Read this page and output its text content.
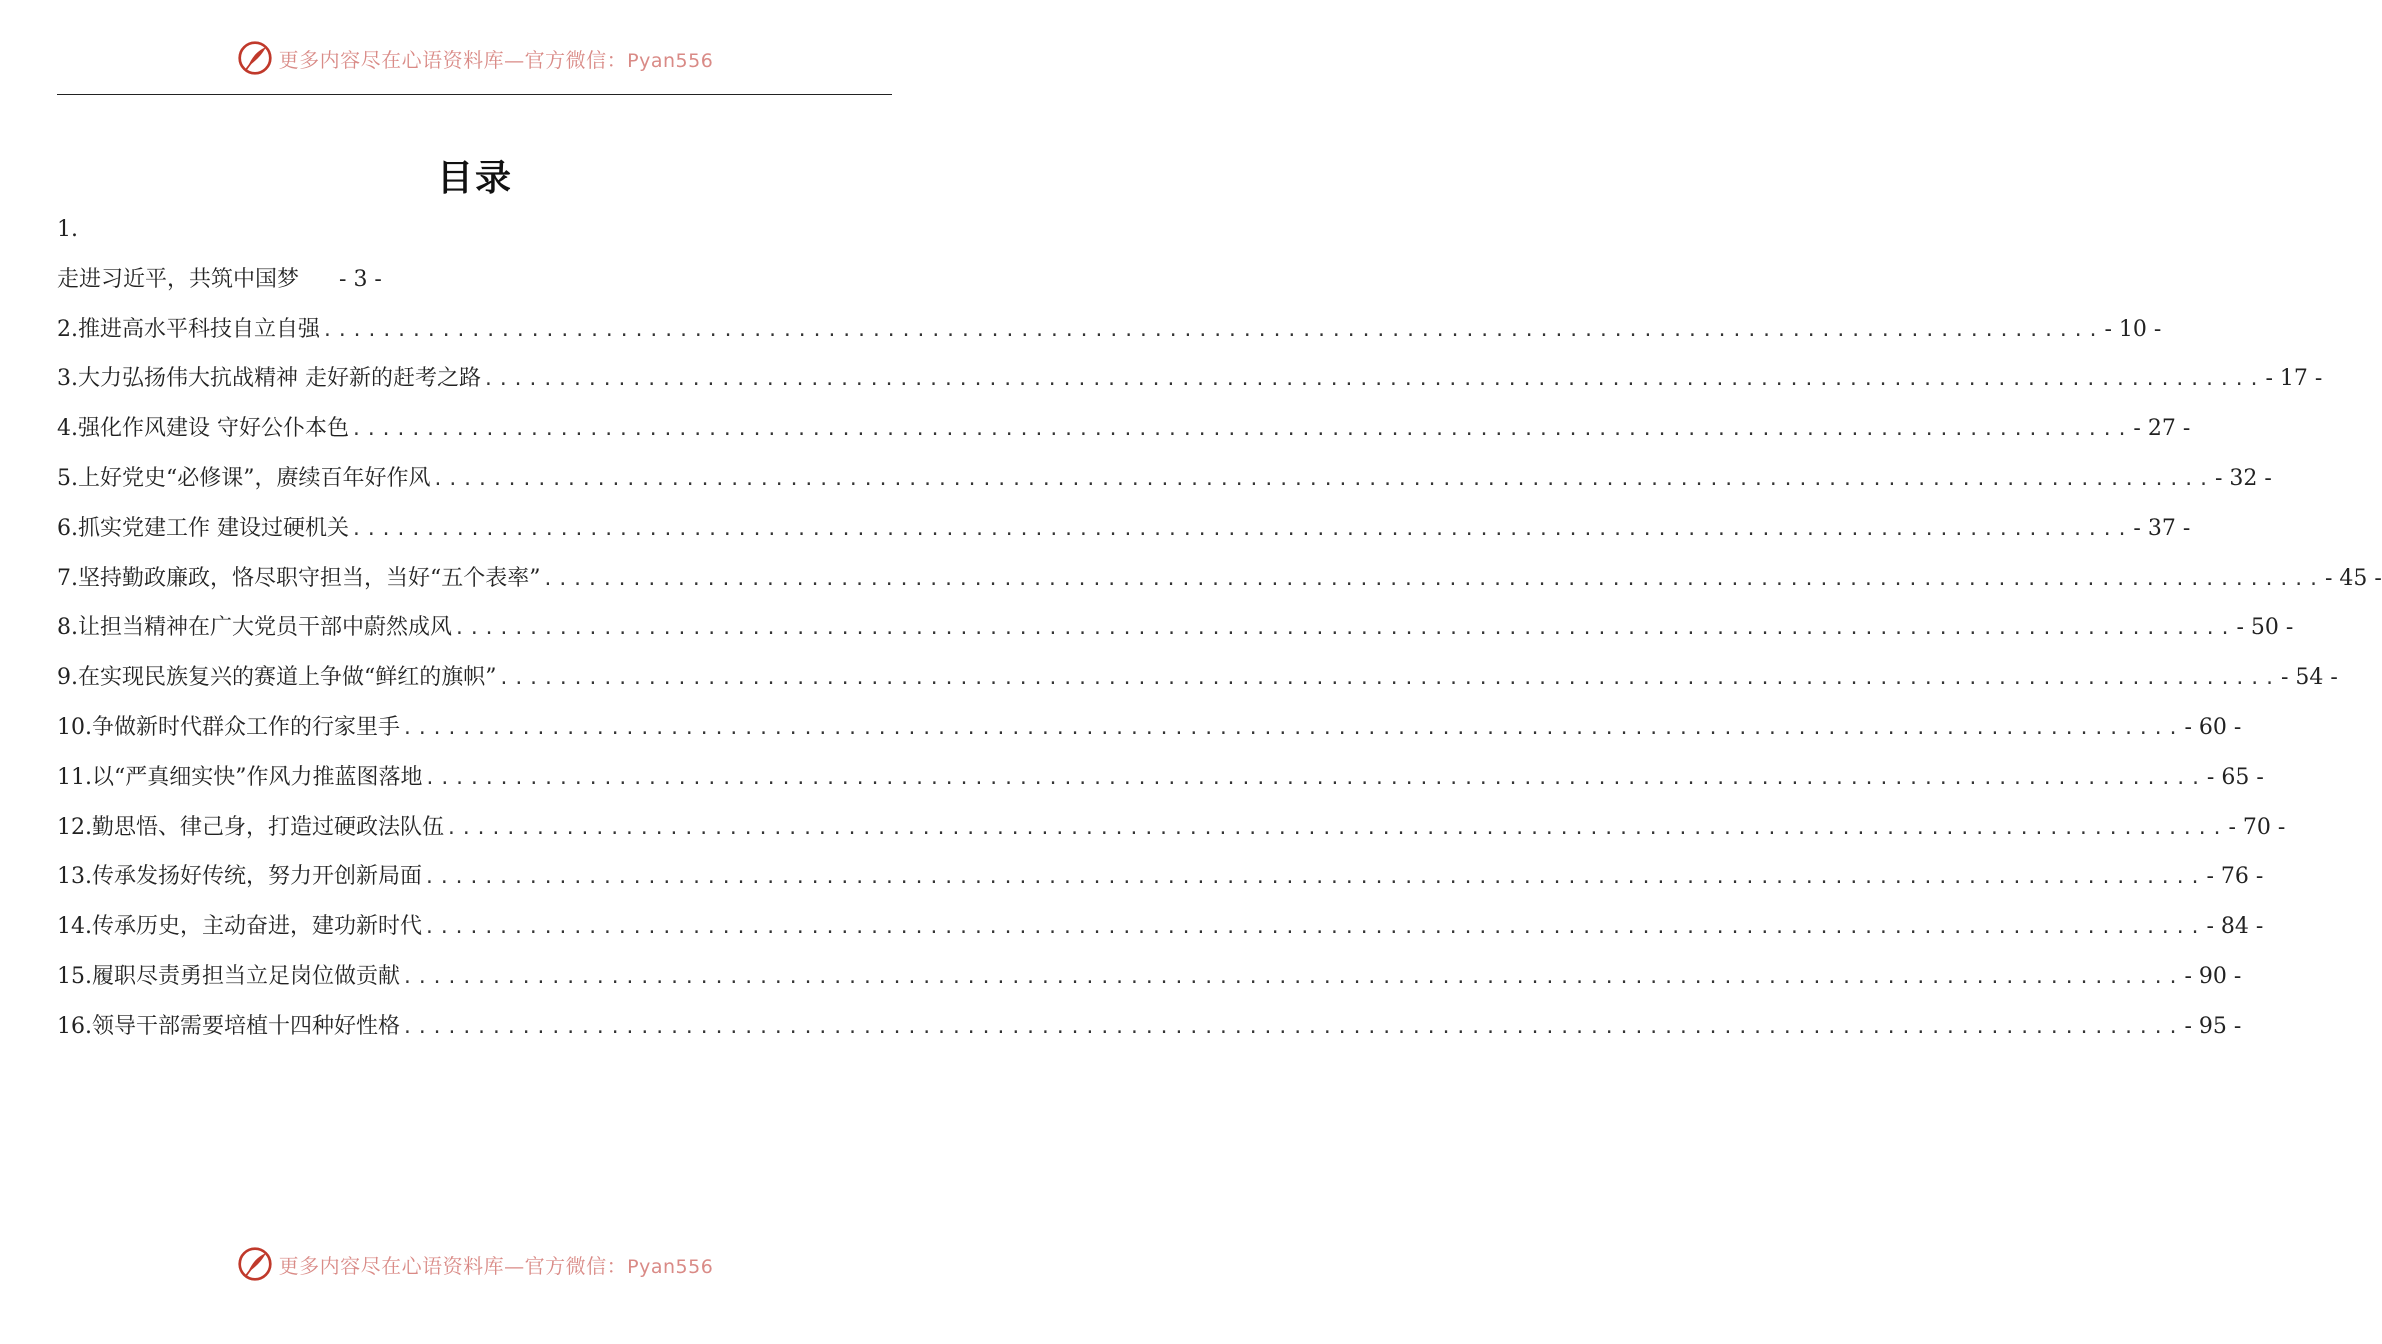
更多内容尽在心语资料库—官方微信：Pyan556
目录
1.
走进习近平，共筑中国梦 - 3 -
2.推进高水平科技自立自强 ........................................................................................................................ - 10 -
3.大力弘扬伟大抗战精神 走好新的赶考之路 ........................................................................................................................ - 17 -
4.强化作风建设 守好公仆本色 ........................................................................................................................ - 27 -
5.上好党史“必修课”，赓续百年好作风 ........................................................................................................................ - 32 -
6.抓实党建工作 建设过硬机关 ........................................................................................................................ - 37 -
7.坚持勤政廉政，恪尽职守担当，当好“五个表率” ........................................................................................................................ - 45 -
8.让担当精神在广大党员干部中蔚然成风 ........................................................................................................................ - 50 -
9.在实现民族复兴的赛道上争做“鲜红的旗帜” ........................................................................................................................ - 54 -
10.争做新时代群众工作的行家里手 ........................................................................................................................ - 60 -
11.以“严真细实快”作风力推蓝图落地 ........................................................................................................................ - 65 -
12.勤思悟、律己身，打造过硬政法队伍 ........................................................................................................................ - 70 -
13.传承发扬好传统，努力开创新局面 ........................................................................................................................ - 76 -
14.传承历史，主动奋进，建功新时代 ........................................................................................................................ - 84 -
15.履职尽责勇担当立足岗位做贡献 ........................................................................................................................ - 90 -
16.领导干部需要培植十四种好性格 ........................................................................................................................ - 95 -
更多内容尽在心语资料库—官方微信：Pyan556
